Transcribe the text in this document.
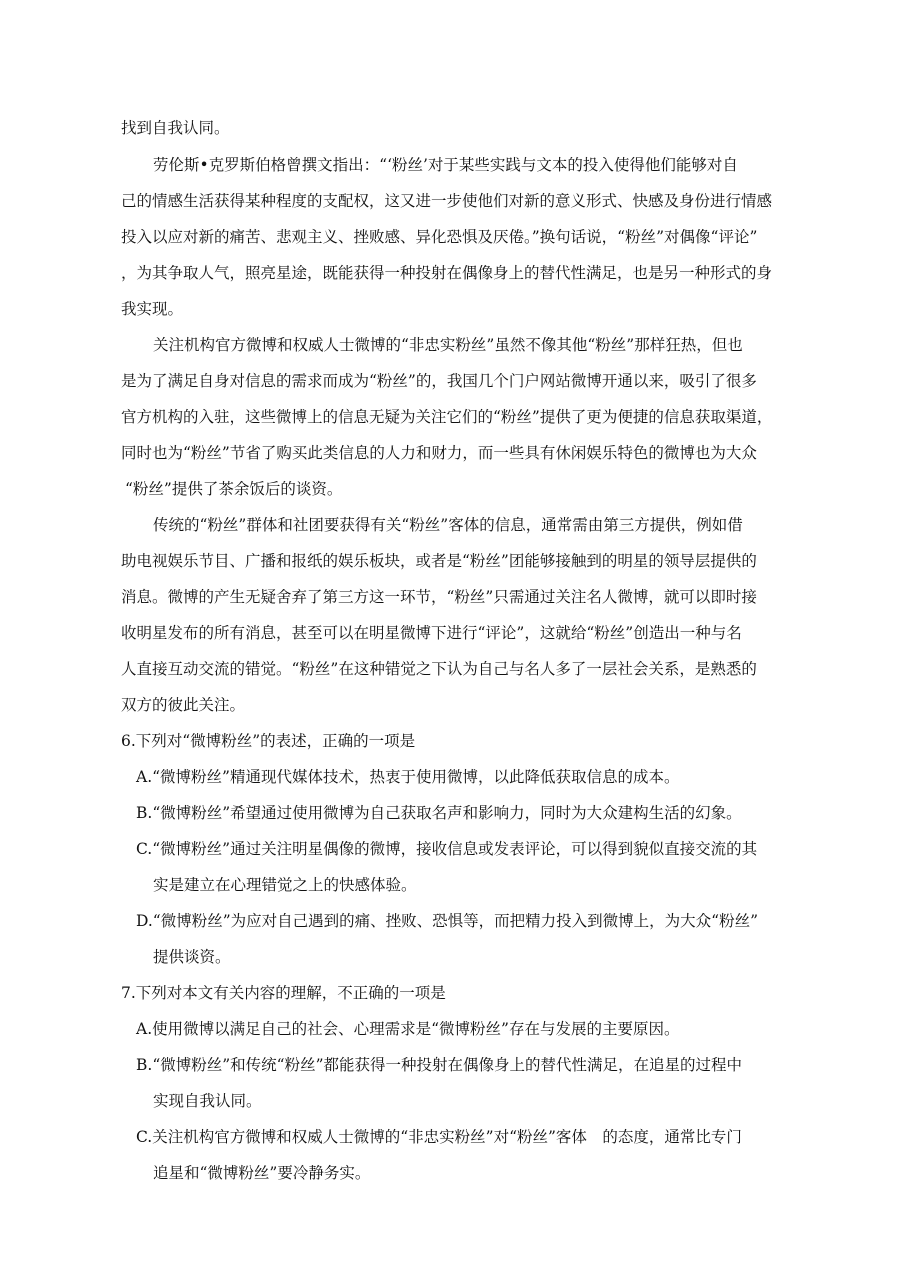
找到自我认同。
劳伦斯•克罗斯伯格曾撰文指出：“‘粉丝’对于某些实践与文本的投入使得他们能够对自
己的情感生活获得某种程度的支配权，这又进一步使他们对新的意义形式、快感及身份进行情感
投入以应对新的痛苦、悲观主义、挫败感、异化恐惧及厌倦。”换句话说，“粉丝”对偶像“评论”
，为其争取人气，照亮星途，既能获得一种投射在偶像身上的替代性满足，也是另一种形式的身
我实现。
关注机构官方微博和权威人士微博的“非忠实粉丝”虽然不像其他“粉丝”那样狂热，但也
是为了满足自身对信息的需求而成为“粉丝”的，我国几个门户网站微博开通以来，吸引了很多
官方机构的入驻，这些微博上的信息无疑为关注它们的“粉丝”提供了更为便捷的信息获取渠道，
同时也为“粉丝”节省了购买此类信息的人力和财力，而一些具有休闲娱乐特色的微博也为大众
“粉丝”提供了茶余饭后的谈资。
传统的“粉丝”群体和社团要获得有关“粉丝”客体的信息，通常需由第三方提供，例如借
助电视娱乐节目、广播和报纸的娱乐板块，或者是“粉丝”团能够接触到的明星的领导层提供的
消息。微博的产生无疑舍弃了第三方这一环节，“粉丝”只需通过关注名人微博，就可以即时接
收明星发布的所有消息，甚至可以在明星微博下进行“评论”，这就给“粉丝”创造出一种与名
人直接互动交流的错觉。“粉丝”在这种错觉之下认为自己与名人多了一层社会关系，是熟悉的
双方的彼此关注。
6.下列对“微博粉丝”的表述，正确的一项是
A.“微博粉丝”精通现代媒体技术，热衷于使用微博，以此降低获取信息的成本。
B.“微博粉丝”希望通过使用微博为自己获取名声和影响力，同时为大众建构生活的幻象。
C.“微博粉丝”通过关注明星偶像的微博，接收信息或发表评论，可以得到貌似直接交流的其
实是建立在心理错觉之上的快感体验。
D.“微博粉丝”为应对自己遇到的痛、挫败、恐惧等，而把精力投入到微博上，为大众“粉丝”
提供谈资。
7.下列对本文有关内容的理解，不正确的一项是
A.使用微博以满足自己的社会、心理需求是“微博粉丝”存在与发展的主要原因。
B.“微博粉丝”和传统“粉丝”都能获得一种投射在偶像身上的替代性满足，在追星的过程中
实现自我认同。
C.关注机构官方微博和权威人士微博的“非忠实粉丝”对“粉丝”客体　的态度，通常比专门
追星和“微博粉丝”要冷静务实。
